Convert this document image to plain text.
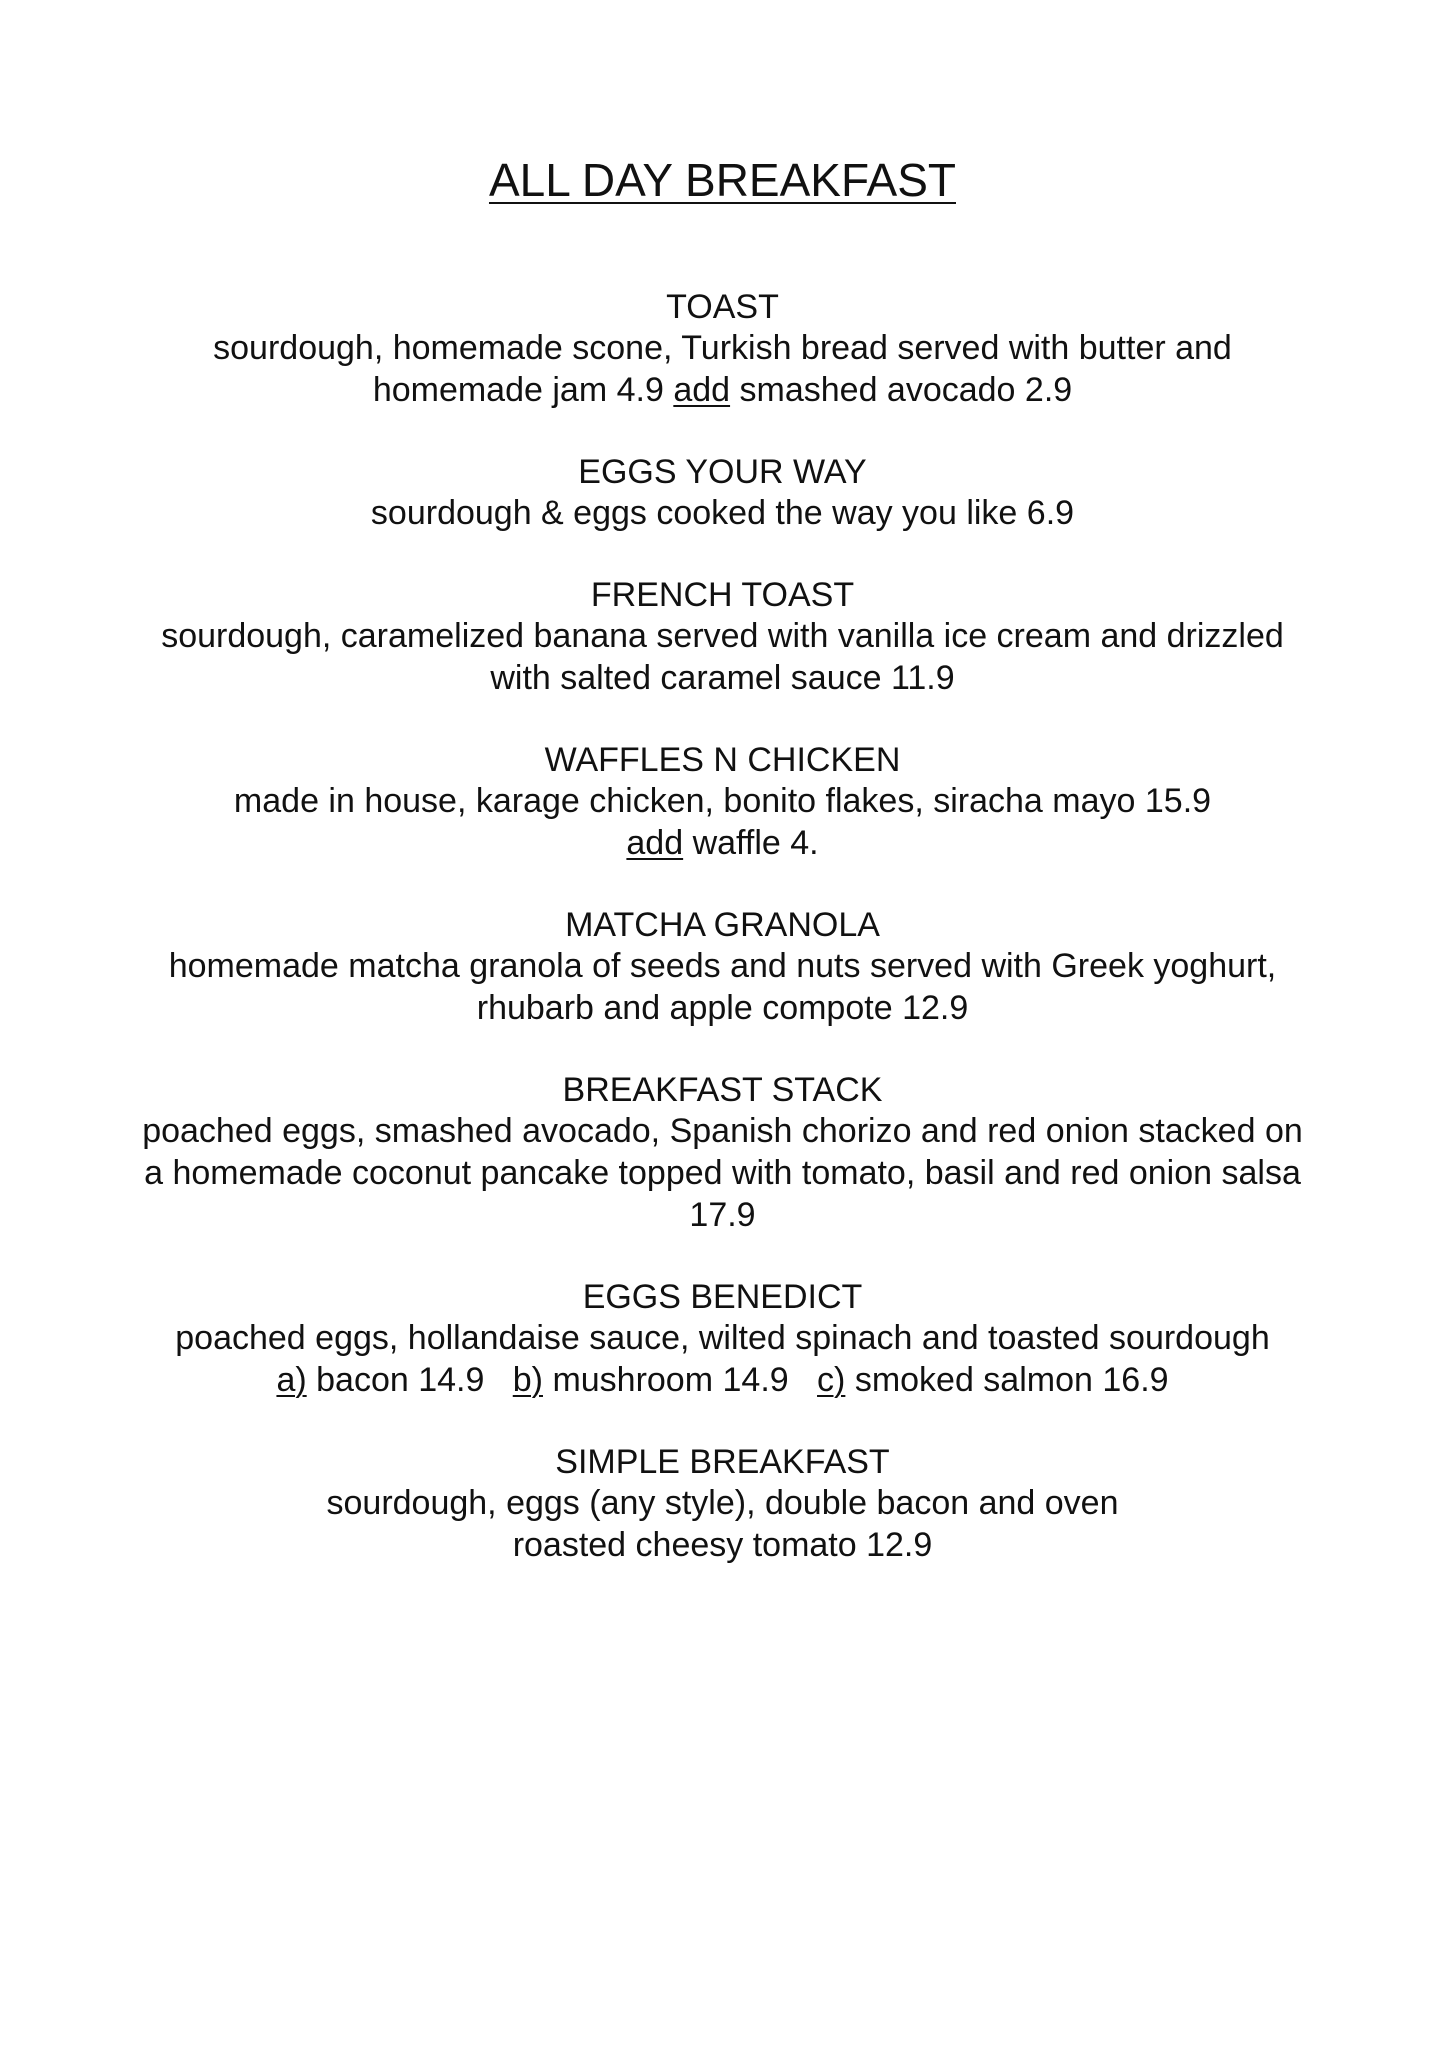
ALL DAY BREAKFAST
TOAST
sourdough, homemade scone, Turkish bread served with butter and
homemade jam 4.9 add smashed avocado 2.9
EGGS YOUR WAY
sourdough & eggs cooked the way you like 6.9
FRENCH TOAST
sourdough, caramelized banana served with vanilla ice cream and drizzled
with salted caramel sauce 11.9
WAFFLES N CHICKEN
made in house, karage chicken, bonito flakes, siracha mayo 15.9
add waffle 4.
MATCHA GRANOLA
homemade matcha granola of seeds and nuts served with Greek yoghurt,
rhubarb and apple compote 12.9
BREAKFAST STACK
poached eggs, smashed avocado, Spanish chorizo and red onion stacked on
a homemade coconut pancake topped with tomato, basil and red onion salsa
17.9
EGGS BENEDICT
poached eggs, hollandaise sauce, wilted spinach and toasted sourdough
a) bacon 14.9 b) mushroom 14.9 c) smoked salmon 16.9
SIMPLE BREAKFAST
sourdough, eggs (any style), double bacon and oven
roasted cheesy tomato 12.9
